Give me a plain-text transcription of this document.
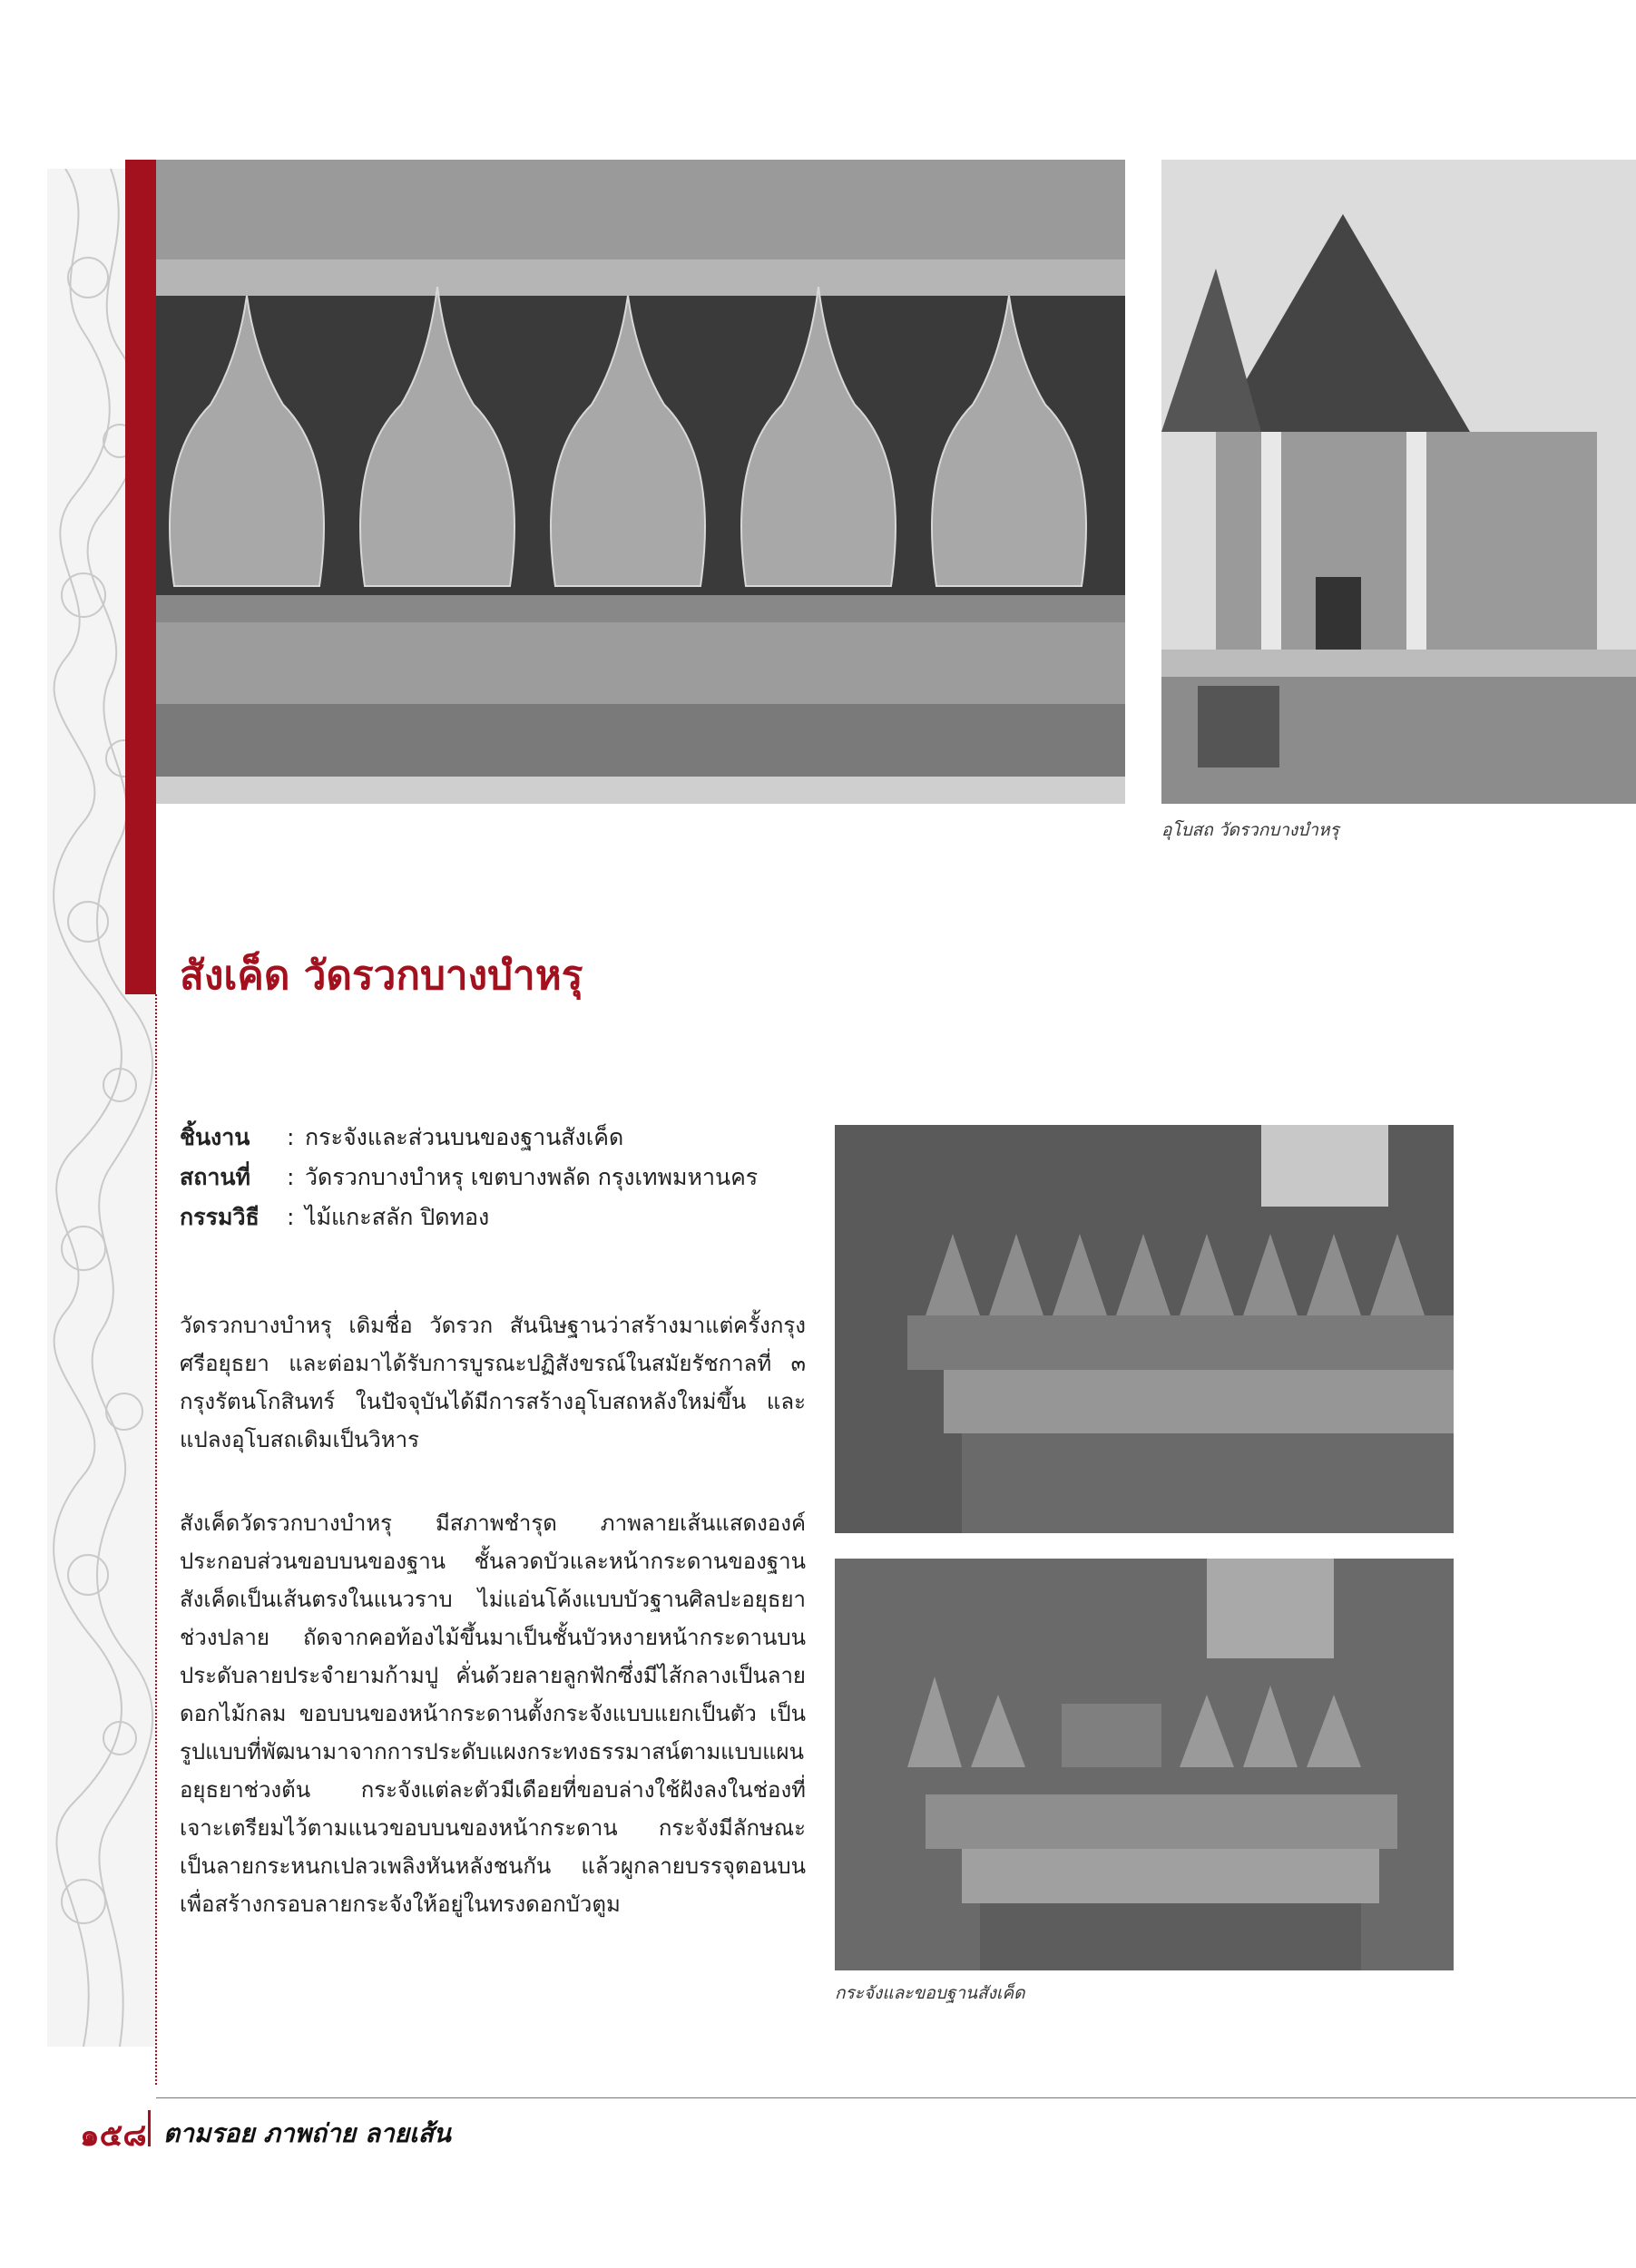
อุโบสถ วัดรวกบางบำหรุ
สังเค็ด วัดรวกบางบำหรุ
ชิ้นงาน : กระจังและส่วนบนของฐานสังเค็ด
สถานที่ : วัดรวกบางบำหรุ เขตบางพลัด กรุงเทพมหานคร
กรรมวิธี : ไม้แกะสลัก ปิดทอง

วัดรวกบางบำหรุ เดิมชื่อ วัดรวก สันนิษฐานว่าสร้างมาแต่ครั้งกรุงศรีอยุธยา และต่อมาได้รับการบูรณะปฏิสังขรณ์ในสมัยรัชกาลที่ ๓ กรุงรัตนโกสินทร์ ในปัจจุบันได้มีการสร้างอุโบสถหลังใหม่ขึ้น และแปลงอุโบสถเดิมเป็นวิหาร

สังเค็ดวัดรวกบางบำหรุ มีสภาพชำรุด ภาพลายเส้นแสดงองค์ประกอบส่วนขอบบนของฐาน ชั้นลวดบัวและหน้ากระดานของฐานสังเค็ดเป็นเส้นตรงในแนวราบ ไม่แอ่นโค้งแบบบัวฐานศิลปะอยุธยาช่วงปลาย ถัดจากคอท้องไม้ขึ้นมาเป็นชั้นบัวหงายหน้ากระดานบนประดับลายประจำยามก้ามปู คั่นด้วยลายลูกฟักซึ่งมีไส้กลางเป็นลายดอกไม้กลม ขอบบนของหน้ากระดานตั้งกระจังแบบแยกเป็นตัว เป็นรูปแบบที่พัฒนามาจากการประดับแผงกระทงธรรมาสน์ตามแบบแผนอยุธยาช่วงต้น กระจังแต่ละตัวมีเดือยที่ขอบล่างใช้ฝังลงในช่องที่เจาะเตรียมไว้ตามแนวขอบบนของหน้ากระดาน กระจังมีลักษณะเป็นลายกระหนกเปลวเพลิงหันหลังชนกัน แล้วผูกลายบรรจุตอนบน เพื่อสร้างกรอบลายกระจังให้อยู่ในทรงดอกบัวตูม

กระจังและขอบฐานสังเค็ด
๑๕๘ ตามรอย ภาพถ่าย ลายเส้น
